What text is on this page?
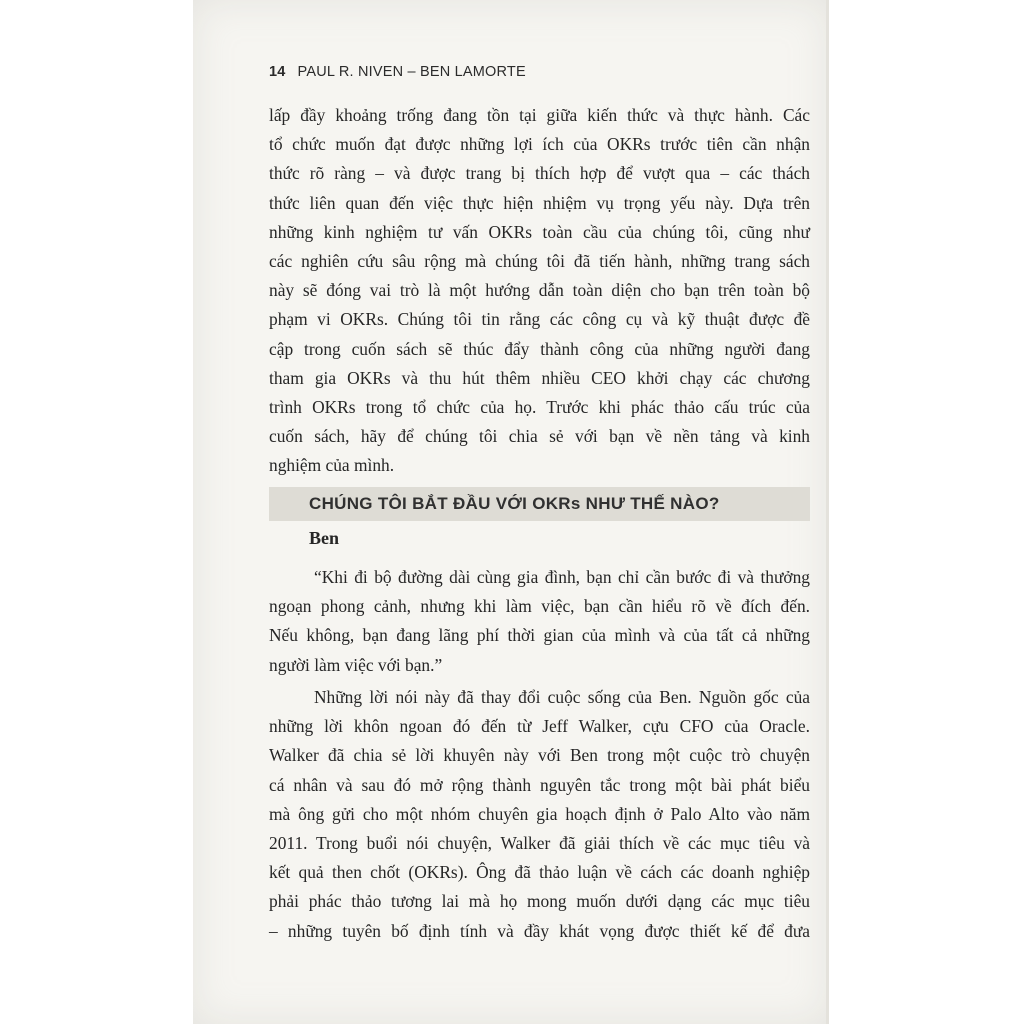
14 PAUL R. NIVEN – BEN LAMORTE
lấp đầy khoảng trống đang tồn tại giữa kiến thức và thực hành. Các
tổ chức muốn đạt được những lợi ích của OKRs trước tiên cần nhận
thức rõ ràng – và được trang bị thích hợp để vượt qua – các thách
thức liên quan đến việc thực hiện nhiệm vụ trọng yếu này. Dựa trên
những kinh nghiệm tư vấn OKRs toàn cầu của chúng tôi, cũng như
các nghiên cứu sâu rộng mà chúng tôi đã tiến hành, những trang sách
này sẽ đóng vai trò là một hướng dẫn toàn diện cho bạn trên toàn bộ
phạm vi OKRs. Chúng tôi tin rằng các công cụ và kỹ thuật được đề
cập trong cuốn sách sẽ thúc đẩy thành công của những người đang
tham gia OKRs và thu hút thêm nhiều CEO khởi chạy các chương
trình OKRs trong tổ chức của họ. Trước khi phác thảo cấu trúc của
cuốn sách, hãy để chúng tôi chia sẻ với bạn về nền tảng và kinh
nghiệm của mình.
CHÚNG TÔI BẮT ĐẦU VỚI OKRs NHƯ THẾ NÀO?
Ben
“Khi đi bộ đường dài cùng gia đình, bạn chỉ cần bước đi và thưởng
ngoạn phong cảnh, nhưng khi làm việc, bạn cần hiểu rõ về đích đến.
Nếu không, bạn đang lãng phí thời gian của mình và của tất cả những
người làm việc với bạn.”
Những lời nói này đã thay đổi cuộc sống của Ben. Nguồn gốc của
những lời khôn ngoan đó đến từ Jeff Walker, cựu CFO của Oracle.
Walker đã chia sẻ lời khuyên này với Ben trong một cuộc trò chuyện
cá nhân và sau đó mở rộng thành nguyên tắc trong một bài phát biểu
mà ông gửi cho một nhóm chuyên gia hoạch định ở Palo Alto vào năm
2011. Trong buổi nói chuyện, Walker đã giải thích về các mục tiêu và
kết quả then chốt (OKRs). Ông đã thảo luận về cách các doanh nghiệp
phải phác thảo tương lai mà họ mong muốn dưới dạng các mục tiêu
– những tuyên bố định tính và đầy khát vọng được thiết kế để đưa
